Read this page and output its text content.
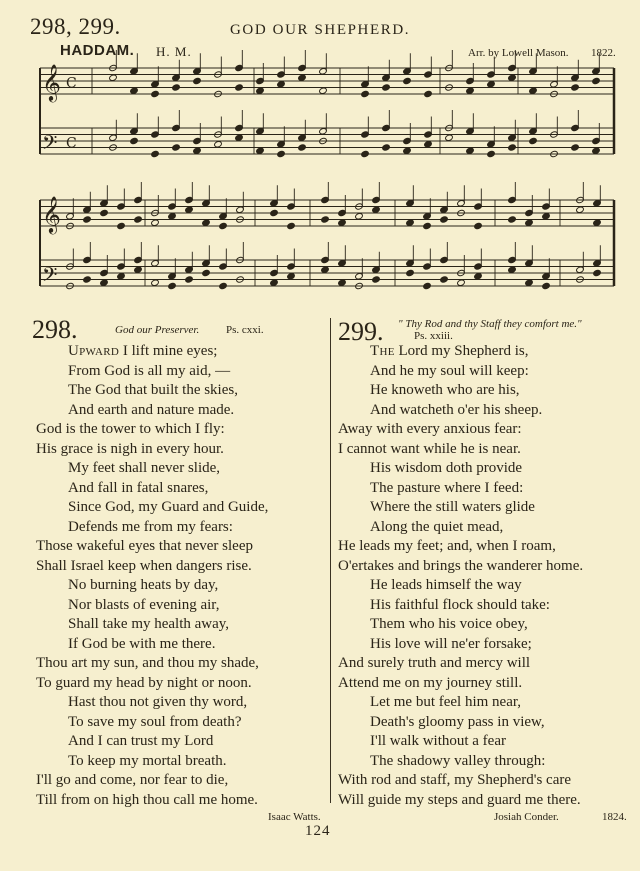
298, 299.	GOD OUR SHEPHERD.
HADDAM. H. M.	Arr. by Lowell Mason. 1822.
𝄞 C
𝄢 C
𝄞
𝄢
298.	God our Preserver. Ps. cxxi.
Upward I lift mine eyes;
From God is all my aid, —
The God that built the skies,
And earth and nature made.
God is the tower to which I fly:
His grace is nigh in every hour.
My feet shall never slide,
And fall in fatal snares,
Since God, my Guard and Guide,
Defends me from my fears:
Those wakeful eyes that never sleep
Shall Israel keep when dangers rise.
No burning heats by day,
Nor blasts of evening air,
Shall take my health away,
If God be with me there.
Thou art my sun, and thou my shade,
To guard my head by night or noon.
Hast thou not given thy word,
To save my soul from death?
And I can trust my Lord
To keep my mortal breath.
I'll go and come, nor fear to die,
Till from on high thou call me home.
Isaac Watts.
299. " Thy Rod and thy Staff they comfort me."
Ps. xxiii.
The Lord my Shepherd is,
And he my soul will keep:
He knoweth who are his,
And watcheth o'er his sheep.
Away with every anxious fear:
I cannot want while he is near.
His wisdom doth provide
The pasture where I feed:
Where the still waters glide
Along the quiet mead,
He leads my feet; and, when I roam,
O'ertakes and brings the wanderer home.
He leads himself the way
His faithful flock should take:
Them who his voice obey,
His love will ne'er forsake;
And surely truth and mercy will
Attend me on my journey still.
Let me but feel him near,
Death's gloomy pass in view,
I'll walk without a fear
The shadowy valley through:
With rod and staff, my Shepherd's care
Will guide my steps and guard me there.
Josiah Conder.	1824.
124
